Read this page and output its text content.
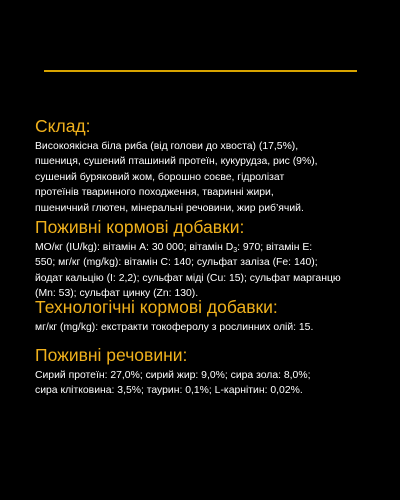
Склад:

Високоякісна біла риба (від голови до хвоста) (17,5%),
пшениця, сушений пташиний протеїн, кукурудза, рис (9%),
сушений буряковий жом, борошно соєве, гідролізат
протеїнів тваринного походження, тваринні жири,
пшеничний глютен, мінеральні речовини, жир риб’ячий.

Поживні кормові добавки:

МО/кг (IU/kg): вітамін А: 30 000; вітамін $D_3$: 970; вітамін Е:
550; мг/кг (mg/kg): вітамін С: 140; сульфат заліза (Fe: 140);
йодат кальцію (І: 2,2); сульфат міді (Cu: 15); сульфат марганцю
(Mn: 53); сульфат цинку (Zn: 130).

Технологічні кормові добавки:

мг/кг (mg/kg): екстракти токоферолу з рослинних олій: 15.

Поживні речовини:

Сирий протеїн: 27,0%; сирий жир: 9,0%; сира зола: 8,0%;
сира клітковина: 3,5%; таурин: 0,1%; L-карнітин: 0,02%.
